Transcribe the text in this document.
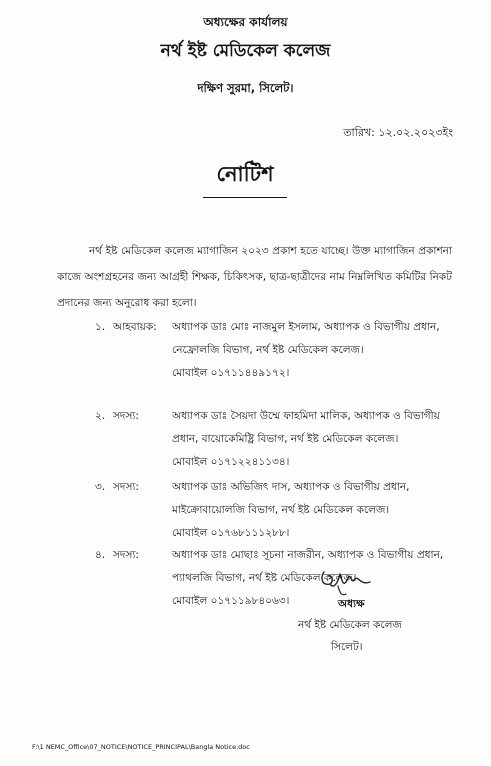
অধ্যক্ষের কার্যালয়
নর্থ ইষ্ট মেডিকেল কলেজ
দক্ষিণ সুরমা, সিলেট।
তারিখ: ১২.০২.২০২৩ইং
নোটিশ
নর্থ ইষ্ট মেডিকেল কলেজ ম্যাগাজিন ২০২৩ প্রকাশ হতে যাচ্ছে। উক্ত ম্যাগাজিন প্রকাশনা কাজে অংশগ্রহনের জন্য আগ্রহী শিক্ষক, চিকিৎসক, ছাত্র-ছাত্রীদের নাম নিম্নলিখিত কমিটির নিকট প্রদানের জন্য অনুরোধ করা হলো।
১. আহবায়ক:	অধ্যাপক ডাঃ মোঃ নাজমুল ইসলাম, অধ্যাপক ও বিভাগীয় প্রধান,
নেফ্রোলজি বিভাগ, নর্থ ইষ্ট মেডিকেল কলেজ।
মোবাইল ০১৭১১৪৪৯১৭২।
২. সদস্য:	অধ্যাপক ডাঃ সৈয়দা উম্মে ফাহমিদা মালিক, অধ্যাপক ও বিভাগীয়
প্রধান, বায়োকেমিষ্ট্রি বিভাগ, নর্থ ইষ্ট মেডিকেল কলেজ।
মোবাইল ০১৭১২২৪১১৩৪।
৩. সদস্য:	অধ্যাপক ডাঃ অভিজিৎ দাস, অধ্যাপক ও বিভাগীয় প্রধান,
মাইক্রোবায়োলজি বিভাগ, নর্থ ইষ্ট মেডিকেল কলেজ।
মোবাইল ০১৭৬৮১১১২৮৮।
৪. সদস্য:	অধ্যাপক ডাঃ মোছাঃ সূচনা নাজরীন, অধ্যাপক ও বিভাগীয় প্রধান,
প্যাথলজি বিভাগ, নর্থ ইষ্ট মেডিকেল কলেজ।
মোবাইল ০১৭১১৯৮৪০৬৩।	অধ্যক্ষ
নর্থ ইষ্ট মেডিকেল কলেজ
সিলেট।
F:\1 NEMC_Office\07_NOTICE\NOTICE_PRINCIPAL\Bangla Notice.doc
